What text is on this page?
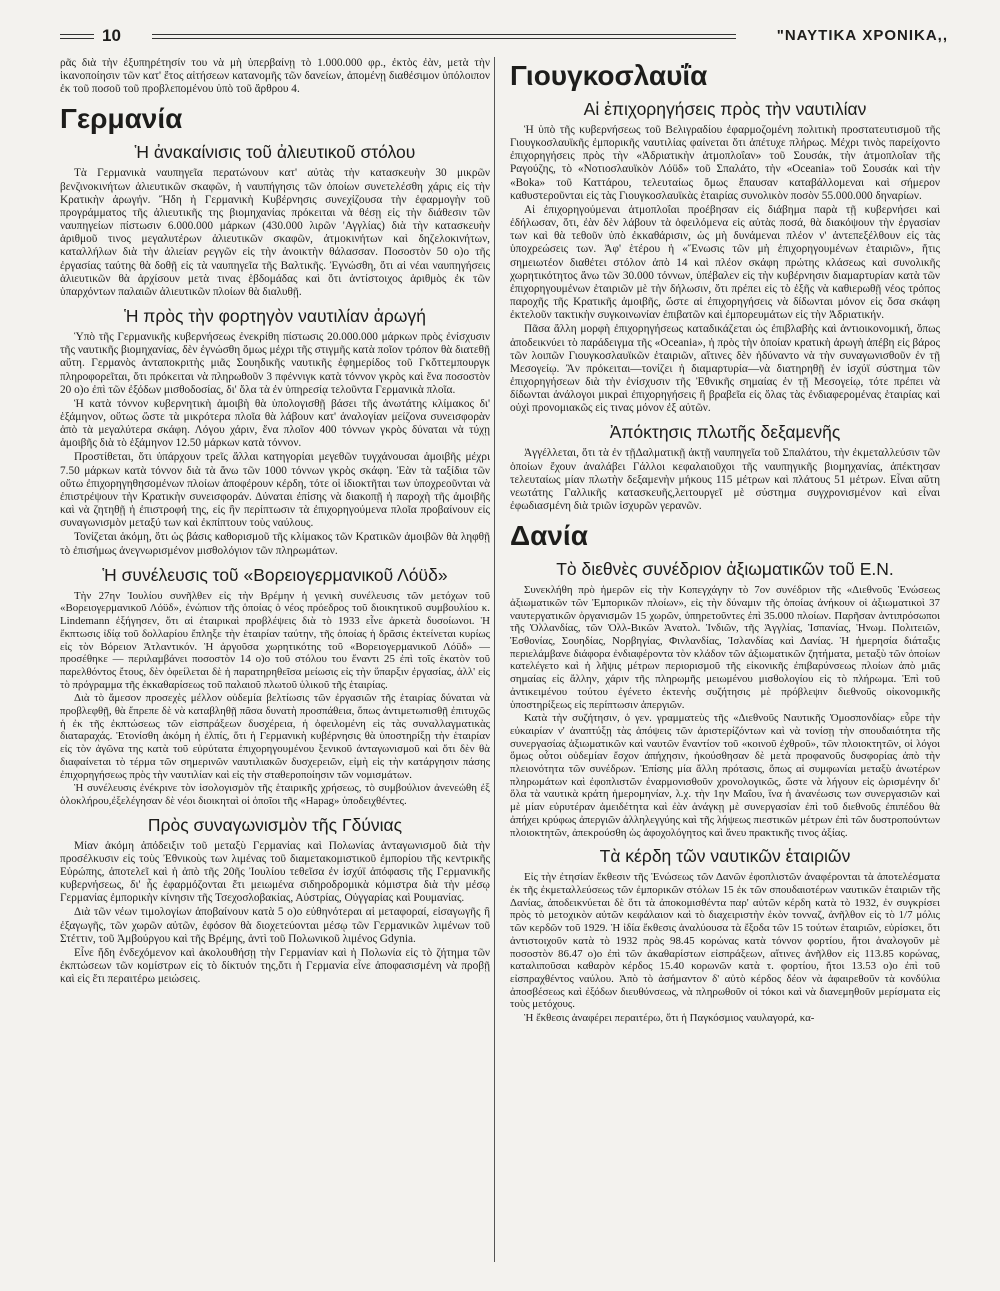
10	"ΝΑΥΤΙΚΑ ΧΡΟΝΙΚΑ,,

ρᾶς διὰ τὴν ἐξυπηρέτησίν του νὰ μὴ ὑπερβαίνῃ τὸ 1.000.000 φρ., ἐκτὸς ἐὰν, μετὰ τὴν ἱκανοποίησιν τῶν κατ' ἔτος αἰτήσεων κατανομῆς τῶν δανείων, ἀπομένῃ διαθέσιμον ὑπόλοιπον ἐκ τοῦ ποσοῦ τοῦ προβλεπομένου ὑπὸ τοῦ ἄρθρου 4.

Γερμανία
Ἡ ἀνακαίνισις τοῦ ἀλιευτικοῦ στόλου

Τὰ Γερμανικὰ ναυπηγεῖα περατώνουν κατ' αὐτὰς τὴν κατασκευὴν 30 μικρῶν βενζινοκινήτων ἁλιευτικῶν σκαφῶν, ἡ ναυπήγησις τῶν ὁποίων συνετελέσθη χάρις εἰς τὴν Κρατικὴν ἀρωγήν. Ἤδη ἡ Γερμανικὴ Κυβέρνησις συνεχίζουσα τὴν ἐφαρμογὴν τοῦ προγράμματος τῆς ἁλιευτικῆς της βιομηχανίας πρόκειται νὰ θέσῃ εἰς τὴν διάθεσιν τῶν ναυπηγείων πίστωσιν 6.000.000 μάρκων (430.000 λιρῶν 'Αγγλίας) διὰ τὴν κατασκευὴν ἀριθμοῦ τινος μεγαλυτέρων ἁλιευτικῶν σκαφῶν, ἀτμοκινήτων καὶ δηζελοκινήτων, καταλλήλων διὰ τὴν ἁλιείαν ρεγγῶν εἰς τὴν ἀνοικτὴν θάλασσαν. Ποσοστὸν 50 ο)ο τῆς ἐργασίας ταύτης θὰ δοθῇ εἰς τὰ ναυπηγεῖα τῆς Βαλτικῆς. Ἐγνώσθη, ὅτι αἱ νέαι ναυπηγήσεις ἁλιευτικῶν θὰ ἀρχίσουν μετὰ τινας ἑβδομάδας καὶ ὅτι ἀντίστοιχος ἀριθμὸς ἐκ τῶν ὑπαρχόντων παλαιῶν ἁλιευτικῶν πλοίων θὰ διαλυθῇ.

Ἡ πρὸς τὴν φορτηγὸν ναυτιλίαν ἀρωγή

Ὑπὸ τῆς Γερμανικῆς κυβερνήσεως ἐνεκρίθη πίστωσις 20.000.000 μάρκων πρὸς ἐνίσχυσιν τῆς ναυτικῆς βιομηχανίας, δὲν ἐγνώσθη ὅμως μέχρι τῆς στιγμῆς κατὰ ποῖον τρόπον θὰ διατεθῇ αὕτη. Γερμανὸς ἀνταποκριτὴς μιᾶς Σουηδικῆς ναυτικῆς ἐφημερίδος τοῦ Γκὄττεμπουργκ πληροφορεῖται, ὅτι πρόκειται νὰ πληρωθοῦν 3 πφέννιγκ κατὰ τόννον γκρὸς καὶ ἕνα ποσοστὸν 20 ο)ο ἐπὶ τῶν ἐξόδων μισθοδοσίας, δι' ὅλα τὰ ἐν ὑπηρεσίᾳ τελοῦντα Γερμανικὰ πλοῖα.

Ἡ κατὰ τόννον κυβερνητικὴ ἀμοιβὴ θὰ ὑπολογισθῇ βάσει τῆς ἀνωτάτης κλίμακος δι' ἑξάμηνον, οὕτως ὥστε τὰ μικρότερα πλοῖα θὰ λάβουν κατ' ἀναλογίαν μείζονα συνεισφορὰν ἀπὸ τὰ μεγαλύτερα σκάφη. Λόγου χάριν, ἕνα πλοῖον 400 τόννων γκρὸς δύναται νὰ τύχῃ ἀμοιβῆς διὰ τὸ ἑξάμηνον 12.50 μάρκων κατὰ τόννον.

Προστίθεται, ὅτι ὑπάρχουν τρεῖς ἄλλαι κατηγορίαι μεγεθῶν τυγχάνουσαι ἀμοιβῆς μέχρι 7.50 μάρκων κατὰ τόννον διὰ τὰ ἄνω τῶν 1000 τόννων γκρὸς σκάφη. Ἐὰν τὰ ταξίδια τῶν οὕτω ἐπιχορηγηθησομένων πλοίων ἀποφέρουν κέρδη, τότε οἱ ἰδιοκτῆται των ὑποχρεοῦνται νὰ ἐπιστρέψουν τὴν Κρατικὴν συνεισφοράν. Δύναται ἐπίσης νὰ διακοπῇ ἡ παροχὴ τῆς ἀμοιβῆς καὶ νὰ ζητηθῇ ἡ ἐπιστροφή της, εἰς ἣν περίπτωσιν τὰ ἐπιχορηγούμενα πλοῖα προβαίνουν εἰς συναγωνισμὸν μεταξύ των καὶ ἐκπίπτουν τοὺς ναύλους.

Τονίζεται ἀκόμη, ὅτι ὡς βάσις καθορισμοῦ τῆς κλίμακος τῶν Κρατικῶν ἀμοιβῶν θὰ ληφθῇ τὸ ἐπισήμως ἀνεγνωρισμένον μισθολόγιον τῶν πληρωμάτων.

Ἡ συνέλευσις τοῦ «Βορειογερμανικοῦ Λόϋδ»

Τὴν 27ην Ἰουλίου συνῆλθεν εἰς τὴν Βρέμην ἡ γενικὴ συνέλευσις τῶν μετόχων τοῦ «Βορειογερμανικοῦ Λόϋδ», ἐνώπιον τῆς ὁποίας ὁ νέος πρόεδρος τοῦ διοικητικοῦ συμβουλίου κ. Lindemann ἐξήγησεν, ὅτι αἱ ἐταιρικαὶ προβλέψεις διὰ τὸ 1933 εἶνε ἀρκετὰ δυσοίωνοι. Ἡ ἔκπτωσις ἰδίᾳ τοῦ δολλαρίου ἔπληξε τὴν ἑταιρίαν ταύτην, τῆς ὁποίας ἡ δρᾶσις ἐκτείνεται κυρίως εἰς τὸν Βόρειον Ἀτλαντικόν. Ἡ ἀργοῦσα χωρητικότης τοῦ «Βορειογερμανικοῦ Λόϋδ» — προσέθηκε — περιλαμβάνει ποσοστὸν 14 ο)ο τοῦ στόλου του ἔναντι 25 ἐπὶ τοῖς ἑκατὸν τοῦ παρελθόντος ἔτους, δὲν ὀφείλεται δὲ ἡ παρατηρηθεῖσα μείωσις εἰς τὴν ὕπαρξιν ἐργασίας, ἀλλ' εἰς τὸ πρόγραμμα τῆς ἐκκαθαρίσεως τοῦ παλαιοῦ πλωτοῦ ὑλικοῦ τῆς ἑταιρίας.

Διὰ τὸ ἄμεσον προσεχὲς μέλλον οὐδεμία βελτίωσις τῶν ἐργασιῶν τῆς ἑταιρίας δύναται νὰ προβλεφθῇ, θὰ ἔπρεπε δὲ νὰ καταβληθῇ πᾶσα δυνατὴ προσπάθεια, ὅπως ἀντιμετωπισθῇ ἐπιτυχῶς ἡ ἐκ τῆς ἐκπτώσεως τῶν εἰσπράξεων δυσχέρεια, ἡ ὀφειλομένη εἰς τὰς συναλλαγματικὰς διαταραχάς. Ἐτονίσθη ἀκόμη ἡ ἐλπίς, ὅτι ἡ Γερμανικὴ κυβέρνησις θὰ ὑποστηρίξῃ τὴν ἑταιρίαν εἰς τὸν ἀγῶνα της κατὰ τοῦ εὐρύτατα ἐπιχορηγουμένου ξενικοῦ ἀνταγωνισμοῦ καὶ ὅτι δὲν θὰ διαφαίνεται τὸ τέρμα τῶν σημερινῶν ναυτιλιακῶν δυσχερειῶν, εἰμὴ εἰς τὴν κατάργησιν πάσης ἐπιχορηγήσεως πρὸς τὴν ναυτιλίαν καὶ εἰς τὴν σταθεροποίησιν τῶν νομισμάτων.

Ἡ συνέλευσις ἐνέκρινε τὸν ἰσολογισμὸν τῆς ἑταιρικῆς χρήσεως, τὸ συμβούλιον ἀνενεώθη ἐξ ὁλοκλήρου,ἐξελέγησαν δὲ νέοι διοικηταὶ οἱ ὁποῖοι τῆς «Hapag» ὑποδειχθέντες.

Πρὸς συναγωνισμὸν τῆς Γδύνιας

Μίαν ἀκόμη ἀπόδειξιν τοῦ μεταξὺ Γερμανίας καὶ Πολωνίας ἀνταγωνισμοῦ διὰ τὴν προσέλκυσιν εἰς τοὺς Ἐθνικοὺς των λιμένας τοῦ διαμετακομιστικοῦ ἐμπορίου τῆς κεντρικῆς Εὐρώπης, ἀποτελεῖ καὶ ἡ ἀπὸ τῆς 20ῆς Ἰουλίου τεθεῖσα ἐν ἰσχύϊ ἀπόφασις τῆς Γερμανικῆς κυβερνήσεως, δι' ἧς ἐφαρμόζονται ἔτι μειωμένα σιδηροδρομικὰ κόμιστρα διὰ τὴν μέσῳ Γερμανίας ἐμπορικὴν κίνησιν τῆς Τσεχοσλοβακίας, Αὐστρίας, Οὐγγαρίας καὶ Ρουμανίας.

Διὰ τῶν νέων τιμολογίων ἀποβαίνουν κατὰ 5 ο)ο εὐθηνότεραι αἱ μεταφοραί, εἰσαγωγῆς ἢ ἐξαγωγῆς, τῶν χωρῶν αὐτῶν, ἐφόσον θὰ διοχετεύονται μέσῳ τῶν Γερμανικῶν λιμένων τοῦ Στέττιν, τοῦ Ἀμβούργου καὶ τῆς Βρέμης, ἀντὶ τοῦ Πολωνικοῦ λιμένος Gdynia.

Εἶνε ἤδη ἐνδεχόμενον καὶ ἀκολουθήσῃ τὴν Γερμανίαν καὶ ἡ Πολωνία εἰς τὸ ζήτημα τῶν ἐκπτώσεων τῶν κομίστρων εἰς τὸ δίκτυόν της,ὅτι ἡ Γερμανία εἶνε ἀποφασισμένη νὰ προβῇ καὶ εἰς ἔτι περαιτέρω μειώσεις.

Γιουγκοσλαυΐα
Αἱ ἐπιχορηγήσεις πρὸς τὴν ναυτιλίαν

Ἡ ὑπὸ τῆς κυβερνήσεως τοῦ Βελιγραδίου ἐφαρμοζομένη πολιτικὴ προστατευτισμοῦ τῆς Γιουγκοσλαυϊκῆς ἐμπορικῆς ναυτιλίας φαίνεται ὅτι ἀπέτυχε πλήρως. Μέχρι τινὸς παρείχοντο ἐπιχορηγήσεις πρὸς τὴν «Ἀδριατικὴν ἀτμοπλοΐαν» τοῦ Σουσάκ, τὴν ἀτμοπλοΐαν τῆς Ραγούζης, τὸ «Νοτιοσλαυϊκὸν Λόϋδ» τοῦ Σπαλάτο, τὴν «Oceania» τοῦ Σουσάκ καὶ τὴν «Boka» τοῦ Καττάρου, τελευταίως ὅμως ἔπαυσαν καταβάλλομεναι καὶ σήμερον καθυστεροῦνται εἰς τὰς Γιουγκοσλαυϊκὰς ἑταιρίας συνολικὸν ποσὸν 55.000.000 δηναρίων.

Αἱ ἐπιχορηγούμεναι ἀτμοπλοΐαι προέβησαν εἰς διάβημα παρὰ τῇ κυβερνήσει καὶ ἐδήλωσαν, ὅτι, ἐὰν δὲν λάβουν τὰ ὀφειλόμενα εἰς αὐτὰς ποσά, θὰ διακόψουν τὴν ἐργασίαν των καὶ θὰ τεθοῦν ὑπὸ ἐκκαθάρισιν, ὡς μὴ δυνάμεναι πλέον ν' ἀντεπεξέλθουν εἰς τὰς ὑποχρεώσεις των. Ἀφ' ἑτέρου ἡ «Ἕνωσις τῶν μὴ ἐπιχορηγουμένων ἑταιριῶν», ἥτις σημειωτέον διαθέτει στόλον ἀπὸ 14 καὶ πλέον σκάφη πρώτης κλάσεως καὶ συνολικῆς χωρητικότητος ἄνω τῶν 30.000 τόννων, ὑπέβαλεν εἰς τὴν κυβέρνησιν διαμαρτυρίαν κατὰ τῶν ἐπιχορηγουμένων ἑταιριῶν μὲ τὴν δήλωσιν, ὅτι πρέπει εἰς τὸ ἑξῆς νὰ καθιερωθῇ νέος τρόπος παροχῆς τῆς Κρατικῆς ἀμοιβῆς, ὥστε αἱ ἐπιχορηγήσεις νὰ δίδωνται μόνον εἰς ὅσα σκάφη ἐκτελοῦν τακτικὴν συγκοινωνίαν ἐπιβατῶν καὶ ἐμπορευμάτων εἰς τὴν Ἀδριατικήν.

Πᾶσα ἄλλη μορφὴ ἐπιχορηγήσεως καταδικάζεται ὡς ἐπιβλαβὴς καὶ ἀντιοικονομική, ὅπως ἀποδεικνύει τὸ παράδειγμα τῆς «Oceania», ἡ πρὸς τὴν ὁποίαν κρατικὴ ἀρωγὴ ἀπέβη εἰς βάρος τῶν λοιπῶν Γιουγκοσλαυϊκῶν ἑταιριῶν, αἵτινες δὲν ἠδύναντο νὰ τὴν συναγωνισθοῦν ἐν τῇ Μεσογείῳ. Ἂν πρόκειται—τονίζει ἡ διαμαρτυρία—νὰ διατηρηθῇ ἐν ἰσχύϊ σύστημα τῶν ἐπιχορηγήσεων διὰ τὴν ἐνίσχυσιν τῆς Ἐθνικῆς σημαίας ἐν τῇ Μεσογείῳ, τότε πρέπει νὰ δίδωνται ἀνάλογοι μικραὶ ἐπιχορηγήσεις ἢ βραβεῖα εἰς ὅλας τὰς ἐνδιαφερομένας ἑταιρίας καὶ οὐχὶ προνομιακῶς εἰς τινας μόνον ἐξ αὐτῶν.

Ἀπόκτησις πλωτῆς δεξαμενῆς

Ἀγγέλλεται, ὅτι τὰ ἐν τῇΔαλματικῇ ἀκτῇ ναυπηγεῖα τοῦ Σπαλάτου, τὴν ἐκμεταλλεύσιν τῶν ὁποίων ἔχουν ἀναλάβει Γάλλοι κεφαλαιοῦχοι τῆς ναυπηγικῆς βιομηχανίας, ἀπέκτησαν τελευταίως μίαν πλωτὴν δεξαμενὴν μήκους 115 μέτρων καὶ πλάτους 51 μέτρων. Εἶναι αὕτη νεωτάτης Γαλλικῆς κατασκευῆς,λειτουργεῖ μὲ σύστημα συγχρονισμένον καὶ εἶναι ἐφωδιασμένη διὰ τριῶν ἰσχυρῶν γερανῶν.

Δανία
Τὸ διεθνὲς συνέδριον ἀξιωματικῶν τοῦ Ε.Ν.

Συνεκλήθη πρὸ ἡμερῶν εἰς τὴν Κοπεγχάγην τὸ 7ον συνέδριον τῆς «Διεθνοῦς Ἑνώσεως ἀξιωματικῶν τῶν Ἐμπορικῶν πλοίων», εἰς τὴν δύναμιν τῆς ὁποίας ἀνήκουν οἱ ἀξιωματικοὶ 37 ναυτεργατικῶν ὀργανισμῶν 15 χωρῶν, ὑπηρετοῦντες ἐπὶ 35.000 πλοίων. Παρῆσαν ἀντιπρόσωποι τῆς Ὁλλανδίας, τῶν Ὁλλ-Βικῶν Ἀνατολ. Ἰνδιῶν, τῆς Ἀγγλίας, Ἰσπανίας, Ἡνωμ. Πολιτειῶν, Ἐσθονίας, Σουηδίας, Νορβηγίας, Φινλανδίας, Ἰσλανδίας καὶ Δανίας. Ἡ ἡμερησία διάταξις περιελάμβανε διάφορα ἐνδιαφέροντα τὸν κλάδον τῶν ἀξιωματικῶν ζητήματα, μεταξὺ τῶν ὁποίων κατελέγετο καὶ ἡ λῆψις μέτρων περιορισμοῦ τῆς εἰκονικῆς ἐπιβαρύνσεως πλοίων ἀπὸ μιᾶς σημαίας εἰς ἄλλην, χάριν τῆς πληρωμῆς μειωμένου μισθολογίου εἰς τὸ πλήρωμα. Ἐπὶ τοῦ ἀντικειμένου τούτου ἐγένετο ἐκτενὴς συζήτησις μὲ πρόβλεψιν διεθνοῦς οἰκονομικῆς ὑποστηρίξεως εἰς περίπτωσιν ἀπεργιῶν.

Κατὰ τὴν συζήτησιν, ὁ γεν. γραμματεὺς τῆς «Διεθνοῦς Ναυτικῆς Ὁμοσπονδίας» εὗρε τὴν εὐκαιρίαν ν' ἀναπτύξῃ τὰς ἀπόψεις τῶν ἀριστερίζόντων καὶ νὰ τονίσῃ τὴν σπουδαιότητα τῆς συνεργασίας ἀξιωματικῶν καὶ ναυτῶν ἔναντίον τοῦ «κοινοῦ ἐχθροῦ», τῶν πλοιοκτητῶν, οἱ λόγοι ὅμως οὗτοι οὐδεμίαν ἔσχον ἀπήχησιν, ἠκούσθησαν δὲ μετὰ προφανοῦς δυσφορίας ἀπὸ τὴν πλειονότητα τῶν συνέδρων. Ἐπίσης μία ἄλλη πρότασις, ὅπως αἱ συμφωνίαι μεταξὺ ἀνωτέρων πληρωμάτων καὶ ἐφοπλιστῶν ἐναρμονισθοῦν χρονολογικῶς, ὥστε νὰ λήγουν εἰς ὡρισμένην δι' ὅλα τὰ ναυτικὰ κράτη ἡμερομηνίαν, λ.χ. τὴν 1ην Μαΐου, ἵνα ἡ ἀνανέωσις των συνεργασιῶν καὶ μὲ μίαν εὐρυτέραν ἀμειδέτητα καὶ ἐὰν ἀνάγκῃ μὲ συνεργασίαν ἐπὶ τοῦ διεθνοῦς ἐπιπέδου θὰ ἀπήχει κρύφως ἀπεργιῶν ἀλληλεγγύης καὶ τῆς λήψεως πιεστικῶν μέτρων ἐπὶ τῶν δυστροπούντων πλοιοκτητῶν, ἀπεκρούσθη ὡς ἀφοχολόγητος καὶ ἄνευ πρακτικῆς τινος ἀξίας.

Τὰ κέρδη τῶν ναυτικῶν ἑταιριῶν

Εἰς τὴν ἐτησίαν ἔκθεσιν τῆς Ἑνώσεως τῶν Δανῶν ἐφοπλιστῶν ἀναφέρονται τὰ ἀποτελέσματα ἐκ τῆς ἐκμεταλλεύσεως τῶν ἐμπορικῶν στόλων 15 ἐκ τῶν σπουδαιοτέρων ναυτικῶν ἑταιριῶν τῆς Δανίας, ἀποδεικνύεται δὲ ὅτι τὰ ἀποκομισθέντα παρ' αὐτῶν κέρδη κατὰ τὸ 1932, ἐν συγκρίσει πρὸς τὸ μετοχικὸν αὐτῶν κεφάλαιον καὶ τὸ διαχειριστὴν ἑκὸν τονναζ, ἀνῆλθον εἰς τὸ 1/7 μόλις τῶν κερδῶν τοῦ 1929. Ἡ ἰδία ἔκθεσις ἀναλύουσα τὰ ἔξοδα τῶν 15 τούτων ἑταιριῶν, εὑρίσκει, ὅτι ἀντιστοιχοῦν κατὰ τὸ 1932 πρὸς 98.45 κορώνας κατὰ τόννον φορτίου, ἤτοι ἀναλογοῦν μὲ ποσοστὸν 86.47 ο)ο ἐπὶ τῶν ἀκαθαρίστων εἰσπράξεων, αἵτινες ἀνῆλθον εἰς 113.85 κορώνας, καταλιποῦσαι καθαρὸν κέρδος 15.40 κορωνῶν κατὰ τ. φορτίου, ἤτοι 13.53 ο)ο ἐπὶ τοῦ εἰσπραχθέντος ναύλου. Ἀπὸ τὸ ἀσήμαντον δ' αὐτὸ κέρδος δέον νὰ ἀφαιρεθοῦν τὰ κονδύλια ἀποσβέσεως καὶ ἐξόδων διευθύνσεως, νὰ πληρωθοῦν οἱ τόκοι καὶ νὰ διανεμηθοῦν μερίσματα εἰς τοὺς μετόχους.

Ἡ ἔκθεσις ἀναφέρει περαιτέρω, ὅτι ἡ Παγκόσμιος ναυλαγορά, κα-
